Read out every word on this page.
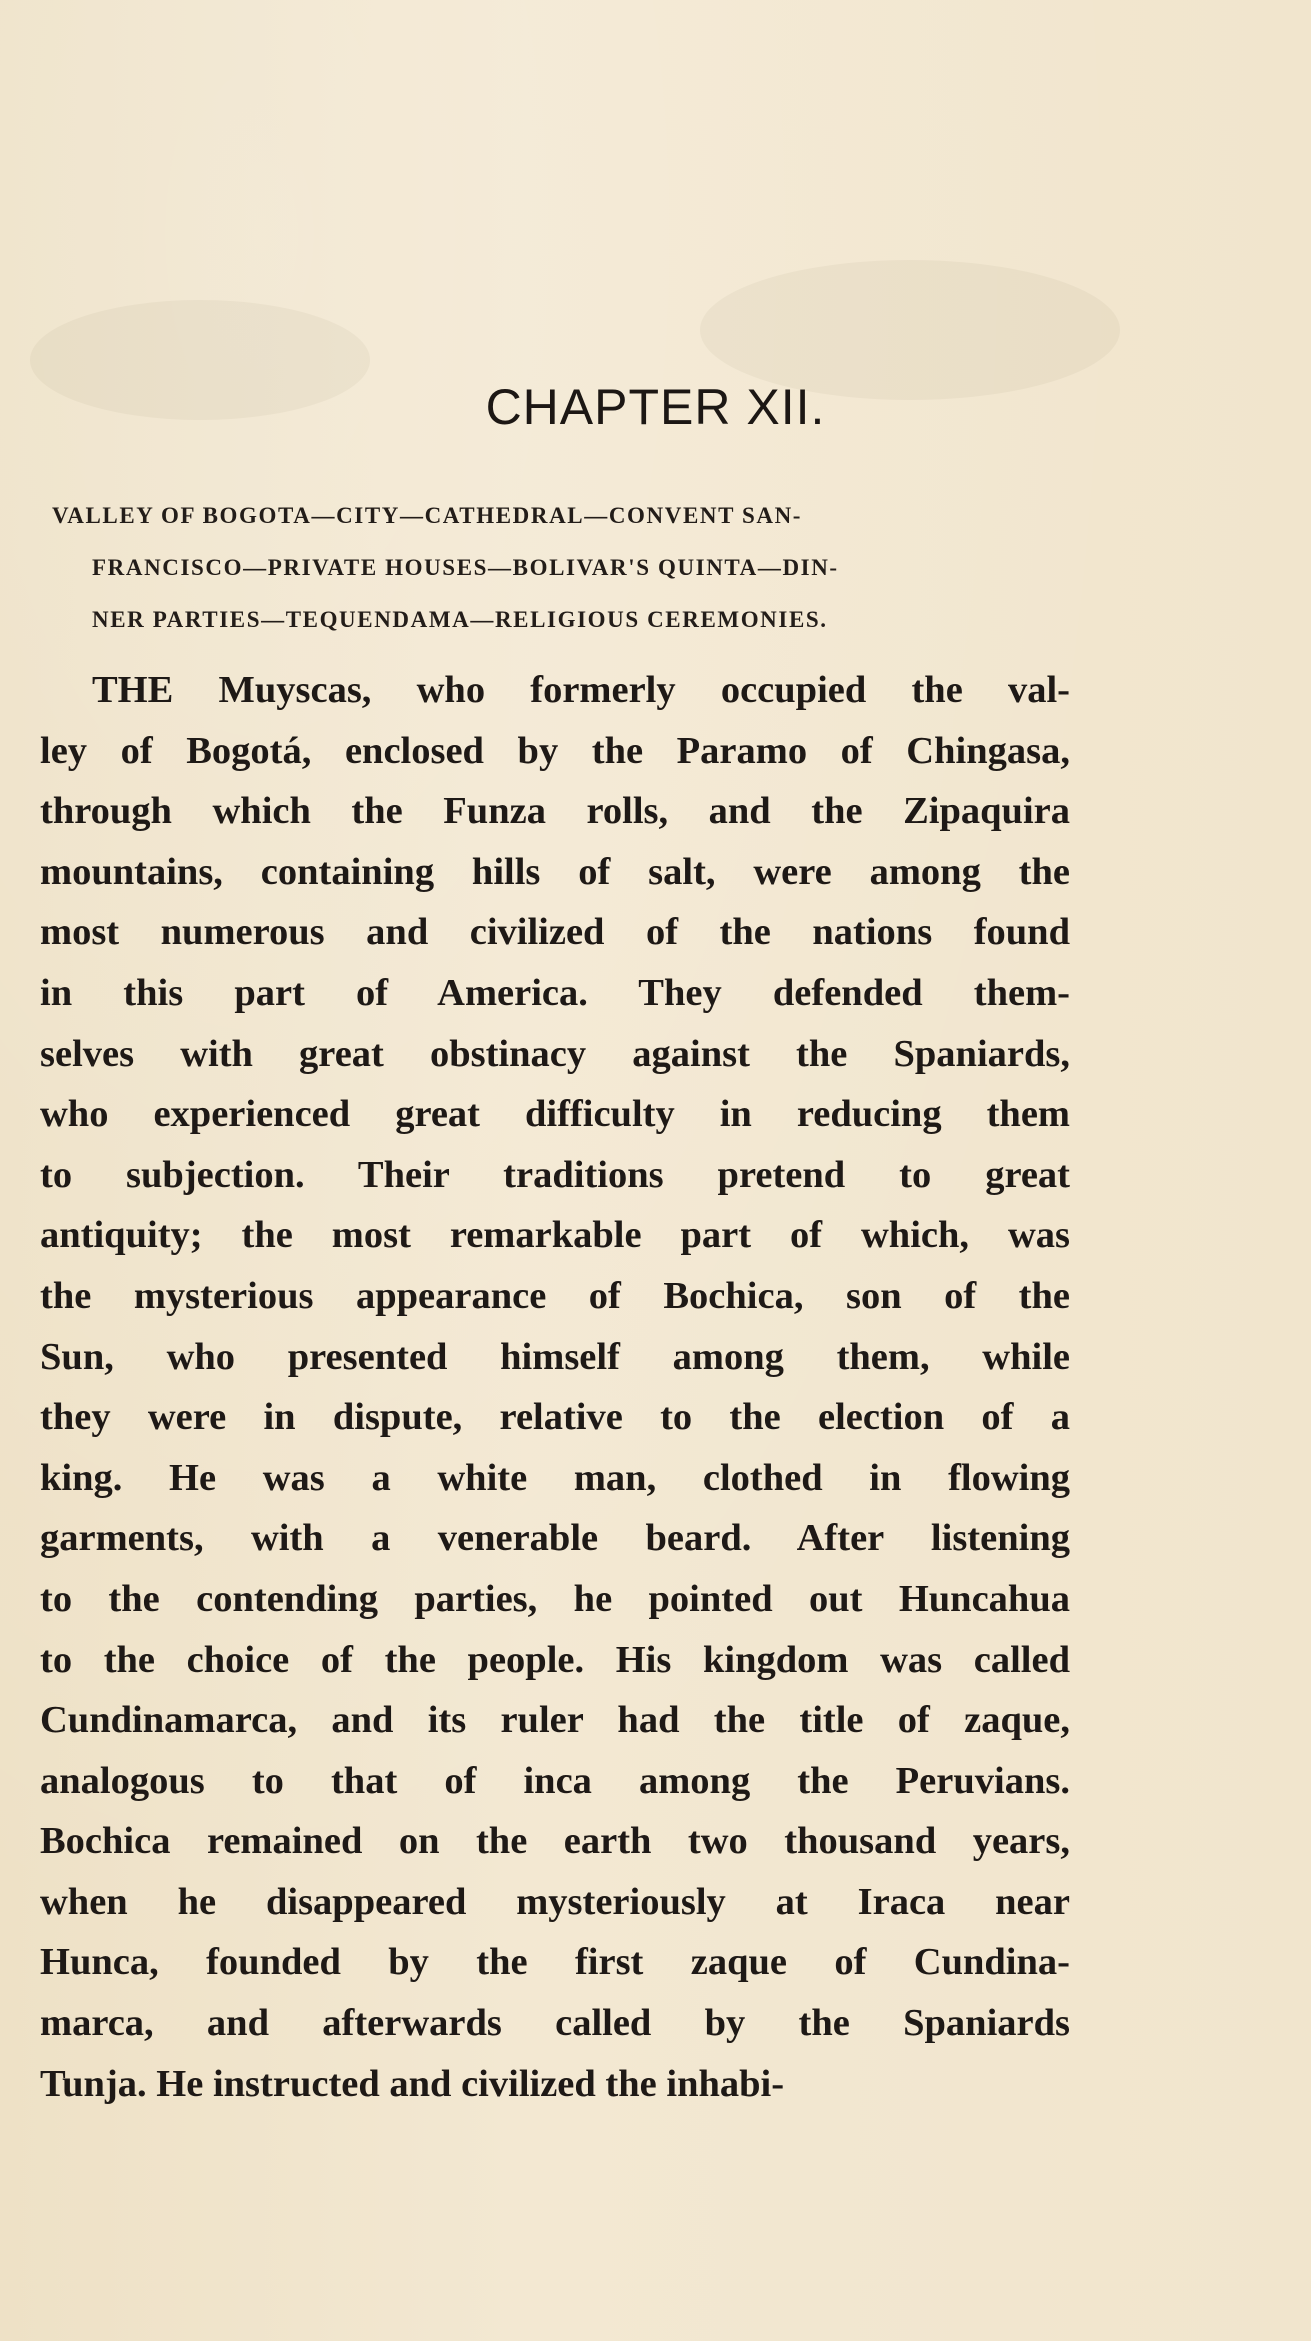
CHAPTER XII.
VALLEY OF BOGOTA—CITY—CATHEDRAL—CONVENT SAN-
FRANCISCO—PRIVATE HOUSES—BOLIVAR'S QUINTA—DIN-
NER PARTIES—TEQUENDAMA—RELIGIOUS CEREMONIES.
THE Muyscas, who formerly occupied the val-
ley of Bogotá, enclosed by the Paramo of Chingasa,
through which the Funza rolls, and the Zipaquira
mountains, containing hills of salt, were among the
most numerous and civilized of the nations found
in this part of America. They defended them-
selves with great obstinacy against the Spaniards,
who experienced great difficulty in reducing them
to subjection. Their traditions pretend to great
antiquity; the most remarkable part of which, was
the mysterious appearance of Bochica, son of the
Sun, who presented himself among them, while
they were in dispute, relative to the election of a
king. He was a white man, clothed in flowing
garments, with a venerable beard. After listening
to the contending parties, he pointed out Huncahua
to the choice of the people. His kingdom was called
Cundinamarca, and its ruler had the title of zaque,
analogous to that of inca among the Peruvians.
Bochica remained on the earth two thousand years,
when he disappeared mysteriously at Iraca near
Hunca, founded by the first zaque of Cundina-
marca, and afterwards called by the Spaniards
Tunja. He instructed and civilized the inhabi-
